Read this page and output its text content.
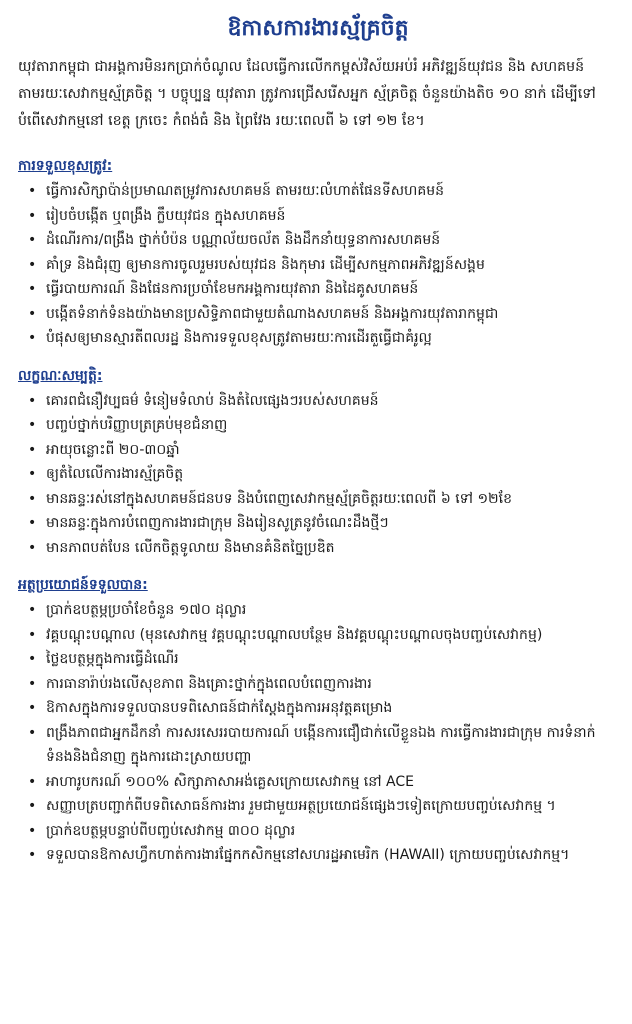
ឱកាសការងារស្ម័គ្រចិត្ត
យុវតារាកម្ពុជា ជាអង្គការមិនរកប្រាក់ចំណូល ដែលធ្វើការលើកកម្ពស់វិស័យអប់រំ អភិវឌ្ឍន៍យុវជន និង សហគមន៍ តាមរយៈសេវាកម្មស្ម័គ្រចិត្ត ។ បច្ចុប្បន្ន យុវតារា ត្រូវការជ្រើសរើសអ្នក ស្ម័គ្រចិត្ត ចំនួនយ៉ាងតិច ១០ នាក់ ដើម្បីទៅ បំពេីសេវាកម្មនៅ ខេត្ត ក្រចេះ កំពង់ធំ និង ព្រៃវែង រយៈពេលពី ៦ ទៅ ១២ ខែ។
ការទទួលខុសត្រូវ:
• ធ្វើការសិក្សាប៉ាន់ប្រមាណតម្រូវការសហគមន៍ តាមរយៈលំហាត់ផែនទីសហគមន៍
• រៀបចំបង្កើត ឬពង្រឹង ក្លឹបយុវជន ក្នុងសហគមន៍
• ដំណើរការ/ពង្រឹង ថ្នាក់បំប៉ន បណ្ណាល័យចល័ត និងដឹកនាំយុទ្ធនាការសហគមន៍
• គាំទ្រ និងជំរុញ ឲ្យមានការចូលរួមរបស់យុវជន និងកុមារ ដើម្បីសកម្មភាពអភិវឌ្ឍន៍សង្គម
• ធ្វើរបាយការណ៍ និងផែនការប្រចាំខែមកអង្គការយុវតារា និងដៃគូសហគមន៍
• បង្កើតទំនាក់ទំនងយ៉ាងមានប្រសិទ្ធិភាពជាមួយតំណាងសហគមន៍ និងអង្គការយុវតារាកម្ពុជា
• បំផុសឲ្យមានស្មារតីពលរដ្ឋ និងការទទួលខុសត្រូវតាមរយៈការដើរតួធ្វើជាគំរូល្អ
លក្ខណៈសម្បត្តិ:
• គោរពជំនឿវប្បធម៌ ទំនៀមទំលាប់ និងតំលៃផ្សេងៗរបស់សហគមន៍
• បញ្ចប់ថ្នាក់បរិញ្ញាបត្រគ្រប់មុខជំនាញ
• អាយុចន្លោះពី ២០-៣០ឆ្នាំ
• ឲ្យតំលៃលើការងារស្ម័គ្រចិត្ត
• មានឆន្ទៈរស់នៅក្នុងសហគមន៍ជនបទ និងបំពេញសេវាកម្មស្ម័គ្រចិត្តរយៈពេលពី ៦ ទៅ ១២ខែ
• មានឆន្ទៈក្នុងការបំពេញការងារជាក្រុម និងរៀនសូត្រនូវចំណេះដឹងថ្មីៗ
• មានភាពបត់បែន លើកចិត្តទូលាយ និងមានគំនិតច្នៃប្រឌិត
អត្ថប្រយោជន៍ទទួលបាន:
• ប្រាក់ឧបត្ថម្ភប្រចាំខែចំនួន ១៧០ ដុល្លារ
• វគ្គបណ្តុះបណ្តាល (មុនសេវាកម្ម វគ្គបណ្តុះបណ្តាលបន្ថែម និងវគ្គបណ្តុះបណ្តាលចុងបញ្ចប់សេវាកម្ម)
• ថ្លៃឧបត្ថម្ភក្នុងការធ្វើដំណើរ
• ការធានារ៉ាប់រងលើសុខភាព និងគ្រោះថ្នាក់ក្នុងពេលបំពេញការងារ
• ឱកាសក្នុងការទទួលបានបទពិសោធន៍ជាក់ស្តែងក្នុងការអនុវត្តគម្រោង
• ពង្រឹងភាពជាអ្នកដឹកនាំ ការសរសេររបាយការណ៍ បង្កើនការជឿជាក់លើខ្លួនឯង ការធ្វើការងារជាក្រុម ការទំនាក់ទំនងនិងជំនាញ ក្នុងការដោះស្រាយបញ្ហា
• អាហារូបករណ៍ ១០០% សិក្សាភាសាអង់គ្លេសក្រោយសេវាកម្ម នៅ ACE
• សញ្ញាបត្របញ្ជាក់ពីបទពិសោធន៍ការងារ រួមជាមួយអត្ថប្រយោជន៍ផ្សេងៗទៀតក្រោយបញ្ចប់សេវាកម្ម ។
• ប្រាក់ឧបត្ថម្ភបន្ទាប់ពីបញ្ចប់សេវាកម្ម ៣០០ ដុល្លារ
• ទទួលបានឱកាសហ្វឹកហាត់ការងារផ្នែកកសិកម្មនៅសហរដ្ឋអាមេរិក (HAWAII) ក្រោយបញ្ចប់សេវាកម្ម។
